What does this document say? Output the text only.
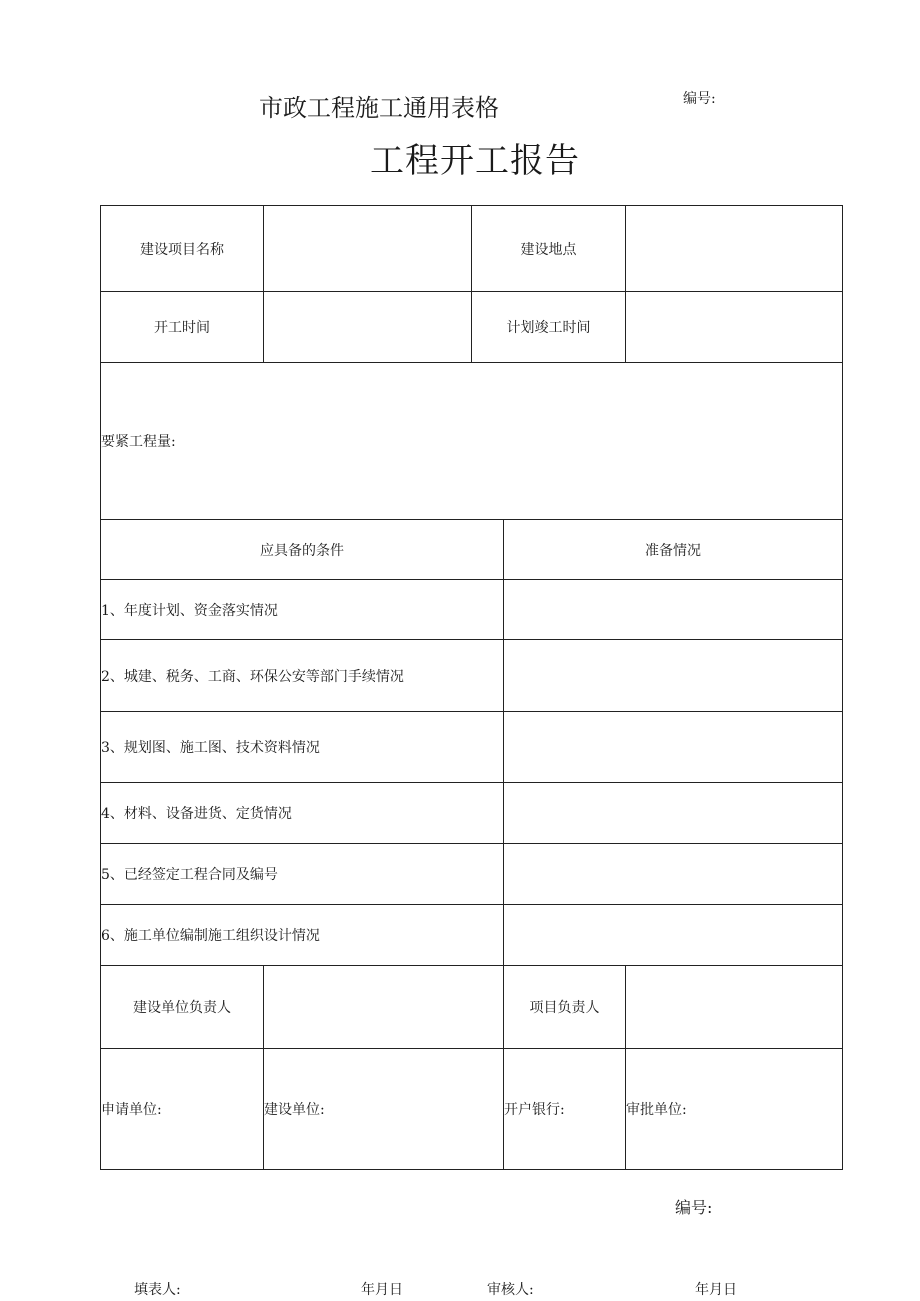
市政工程施工通用表格	编号:
工程开工报告
建设项目名称		建设地点		
开工时间		计划竣工时间		
要紧工程量:				
应具备的条件			准备情况	
1、年度计划、资金落实情况				
2、城建、税务、工商、环保公安等部门手续情况				
3、规划图、施工图、技术资料情况				
4、材料、设备进货、定货情况				
5、已经签定工程合同及编号				
6、施工单位编制施工组织设计情况				
建设单位负责人			项目负责人	
申请单位:	建设单位:		开户银行:	审批单位:
编号:
填表人:	年月日	审核人:	年月日
